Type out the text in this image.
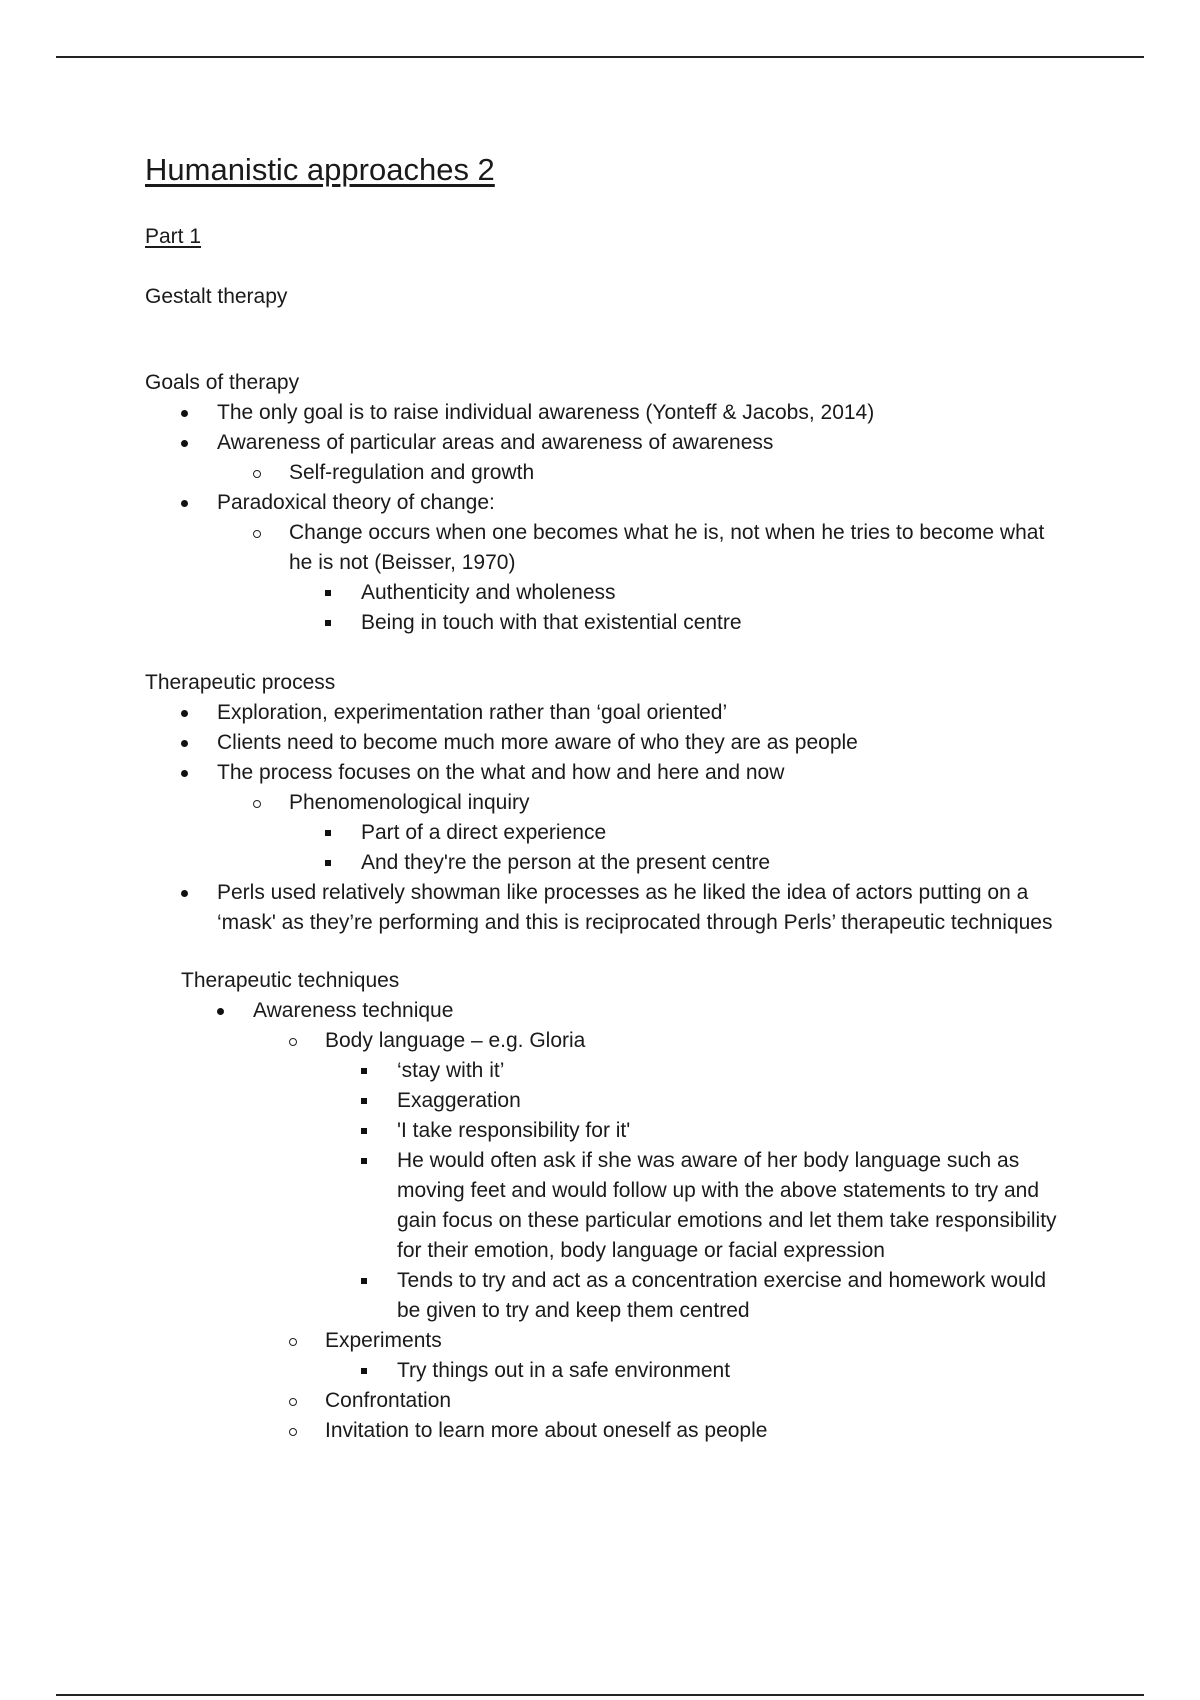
Humanistic approaches 2
Part 1
Gestalt therapy
Goals of therapy
The only goal is to raise individual awareness (Yonteff & Jacobs, 2014)
Awareness of particular areas and awareness of awareness
Self-regulation and growth
Paradoxical theory of change:
Change occurs when one becomes what he is, not when he tries to become what he is not (Beisser, 1970)
Authenticity and wholeness
Being in touch with that existential centre
Therapeutic process
Exploration, experimentation rather than ‘goal oriented’
Clients need to become much more aware of who they are as people
The process focuses on the what and how and here and now
Phenomenological inquiry
Part of a direct experience
And they're the person at the present centre
Perls used relatively showman like processes as he liked the idea of actors putting on a ‘mask' as they’re performing and this is reciprocated through Perls’ therapeutic techniques
Therapeutic techniques
Awareness technique
Body language – e.g. Gloria
‘stay with it’
Exaggeration
'I take responsibility for it'
He would often ask if she was aware of her body language such as moving feet and would follow up with the above statements to try and gain focus on these particular emotions and let them take responsibility for their emotion, body language or facial expression
Tends to try and act as a concentration exercise and homework would be given to try and keep them centred
Experiments
Try things out in a safe environment
Confrontation
Invitation to learn more about oneself as people
